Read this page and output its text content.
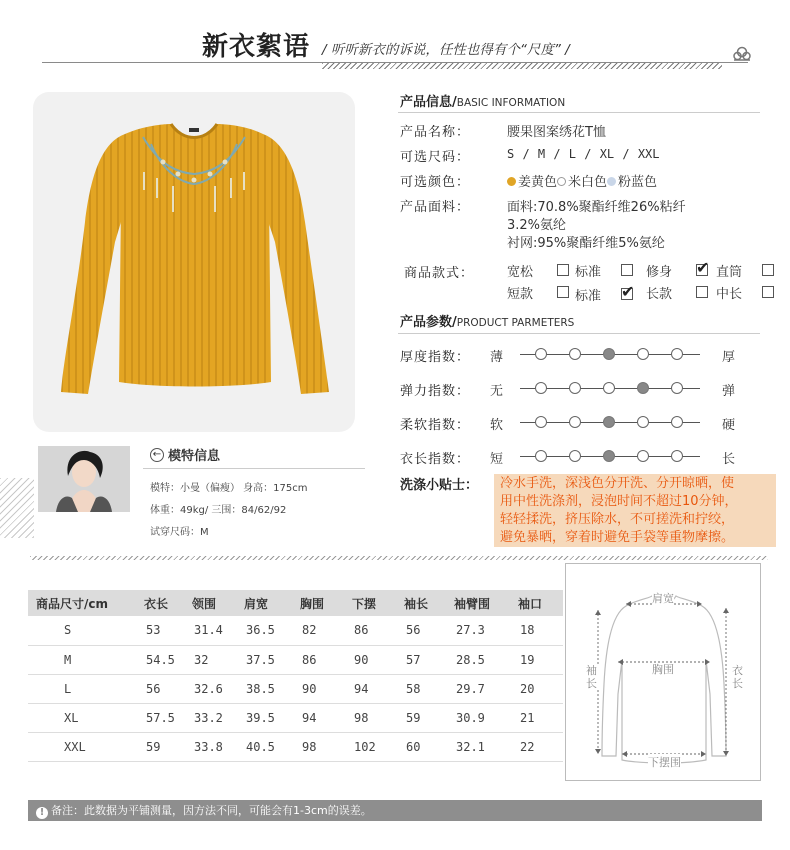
新衣絮语 / 听听新衣的诉说，任性也得有个“尺度” /
← 模特信息
模特：小曼（偏瘦） 身高：175cm
体重：49kg/ 三围：84/62/92
试穿尺码：M
产品信息/BASIC INFORMATION
产品名称：	腰果图案绣花T恤
可选尺码：	S / M / L / XL / XXL
可选颜色：	姜黄色 米白色 粉蓝色
产品面料：	面料:70.8%聚酯纤维26%粘纤
3.2%氨纶
衬网:95%聚酯纤维5%氨纶
商品款式：	宽松	标准	修身 ✔ 直筒
短款	标准 ✔ 长款	中长
产品参数/PRODUCT PARMETERS
厚度指数： 薄	厚
弹力指数： 无	弹
柔软指数： 软	硬
衣长指数： 短	长
洗涤小贴士： 冷水手洗，深浅色分开洗、分开晾晒，使
用中性洗涤剂，浸泡时间不超过10分钟，
轻轻揉洗，挤压除水，不可搓洗和拧绞，
避免暴晒，穿着时避免手袋等重物摩擦。
商品尺寸/cm	衣长	领围	肩宽	胸围	下摆	袖长	袖臂围	袖口
S	53	31.4	36.5	82	86	56	27.3	18
M	54.5	32	37.5	86	90	57	28.5	19
L	56	32.6	38.5	90	94	58	29.7	20
XL	57.5	33.2	39.5	94	98	59	30.9	21
XXL	59	33.8	40.5	98	102	60	32.1	22
肩宽
胸围
袖长
衣长
下摆围
! 备注：此数据为平铺测量，因方法不同，可能会有1-3cm的误差。
